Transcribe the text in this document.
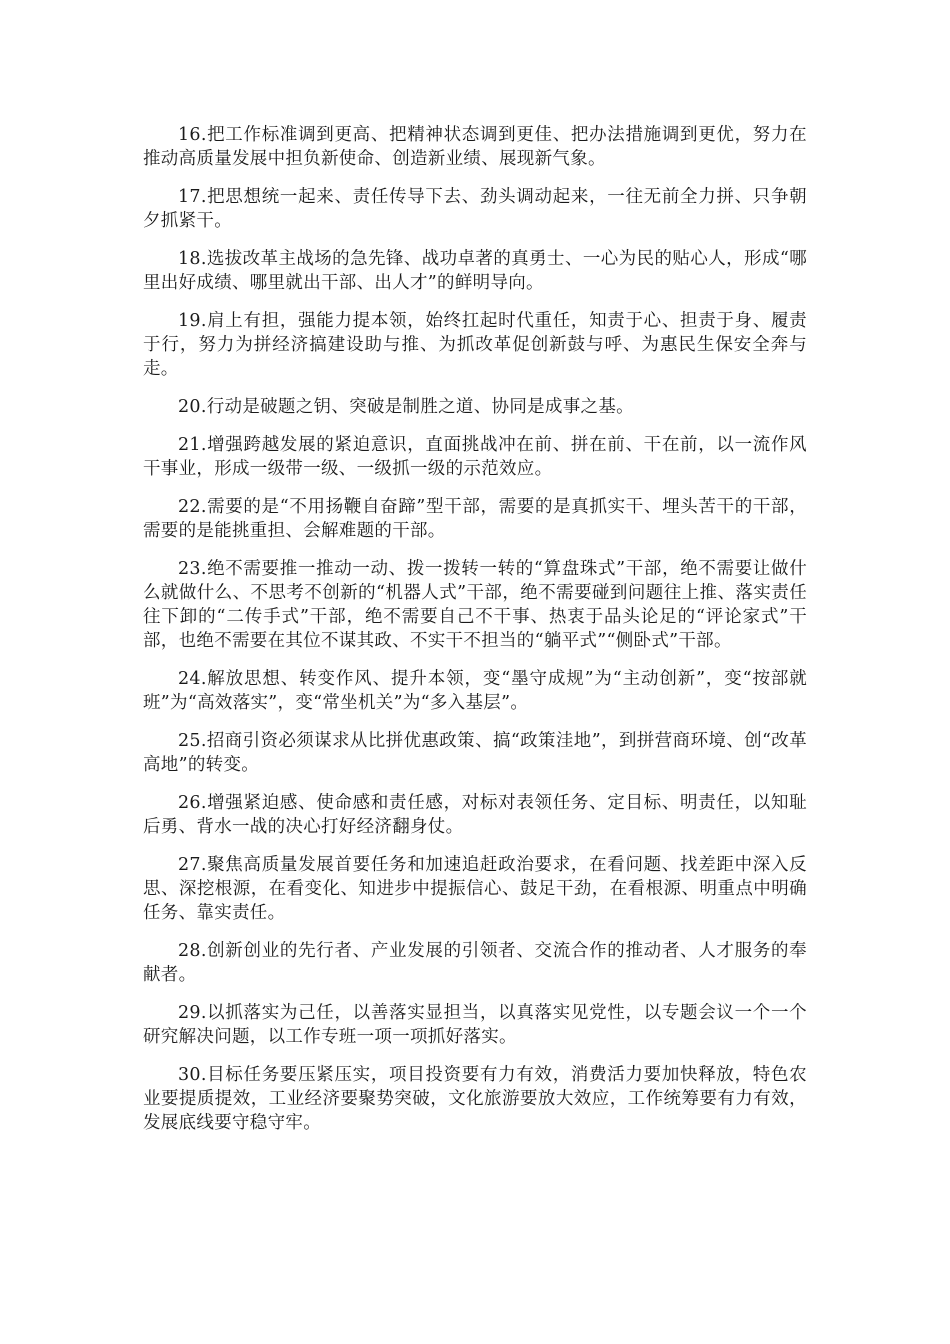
16.把工作标准调到更高、把精神状态调到更佳、把办法措施调到更优，努力在推动高质量发展中担负新使命、创造新业绩、展现新气象。

17.把思想统一起来、责任传导下去、劲头调动起来，一往无前全力拼、只争朝夕抓紧干。

18.选拔改革主战场的急先锋、战功卓著的真勇士、一心为民的贴心人，形成“哪里出好成绩、哪里就出干部、出人才”的鲜明导向。

19.肩上有担，强能力提本领，始终扛起时代重任，知责于心、担责于身、履责于行，努力为拼经济搞建设助与推、为抓改革促创新鼓与呼、为惠民生保安全奔与走。

20.行动是破题之钥、突破是制胜之道、协同是成事之基。

21.增强跨越发展的紧迫意识，直面挑战冲在前、拼在前、干在前，以一流作风干事业，形成一级带一级、一级抓一级的示范效应。

22.需要的是“不用扬鞭自奋蹄”型干部，需要的是真抓实干、埋头苦干的干部，需要的是能挑重担、会解难题的干部。

23.绝不需要推一推动一动、拨一拨转一转的“算盘珠式”干部，绝不需要让做什么就做什么、不思考不创新的“机器人式”干部，绝不需要碰到问题往上推、落实责任往下卸的“二传手式”干部，绝不需要自己不干事、热衷于品头论足的“评论家式”干部，也绝不需要在其位不谋其政、不实干不担当的“躺平式”“侧卧式”干部。

24.解放思想、转变作风、提升本领，变“墨守成规”为“主动创新”，变“按部就班”为“高效落实”，变“常坐机关”为“多入基层”。

25.招商引资必须谋求从比拼优惠政策、搞“政策洼地”，到拼营商环境、创“改革高地”的转变。

26.增强紧迫感、使命感和责任感，对标对表领任务、定目标、明责任，以知耻后勇、背水一战的决心打好经济翻身仗。

27.聚焦高质量发展首要任务和加速追赶政治要求，在看问题、找差距中深入反思、深挖根源，在看变化、知进步中提振信心、鼓足干劲，在看根源、明重点中明确任务、靠实责任。

28.创新创业的先行者、产业发展的引领者、交流合作的推动者、人才服务的奉献者。

29.以抓落实为己任，以善落实显担当，以真落实见党性，以专题会议一个一个研究解决问题，以工作专班一项一项抓好落实。

30.目标任务要压紧压实，项目投资要有力有效，消费活力要加快释放，特色农业要提质提效，工业经济要聚势突破，文化旅游要放大效应，工作统筹要有力有效，发展底线要守稳守牢。
